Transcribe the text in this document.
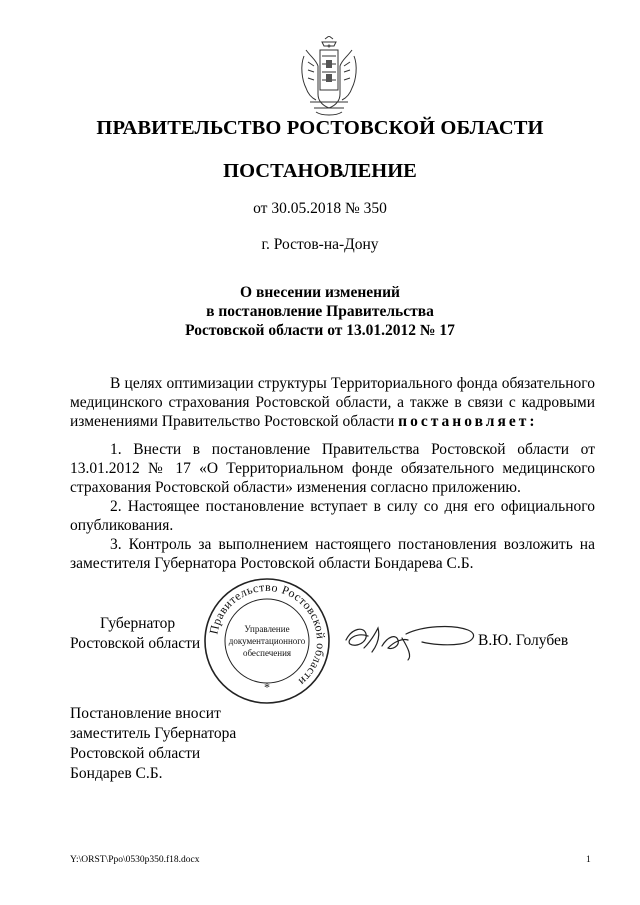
ПРАВИТЕЛЬСТВО РОСТОВСКОЙ ОБЛАСТИ
ПОСТАНОВЛЕНИЕ
от 30.05.2018 № 350
г. Ростов-на-Дону
О внесении изменений
в постановление Правительства
Ростовской области от 13.01.2012 № 17
В целях оптимизации структуры Территориального фонда обязательного медицинского страхования Ростовской области, а также в связи с кадровыми изменениями Правительство Ростовской области постановляет:

1. Внести в постановление Правительства Ростовской области от 13.01.2012 № 17 «О Территориальном фонде обязательного медицинского страхования Ростовской области» изменения согласно приложению.

2. Настоящее постановление вступает в силу со дня его официального опубликования.

3. Контроль за выполнением настоящего постановления возложить на заместителя Губернатора Ростовской области Бондарева С.Б.

Губернатор
Ростовской области
Правительство Ростовской области
Управление
документационного
обеспечения
*
В.Ю. Голубев
Постановление вносит
заместитель Губернатора
Ростовской области
Бондарев С.Б.
Y:\ORST\Ppo\0530p350.f18.docx	1
